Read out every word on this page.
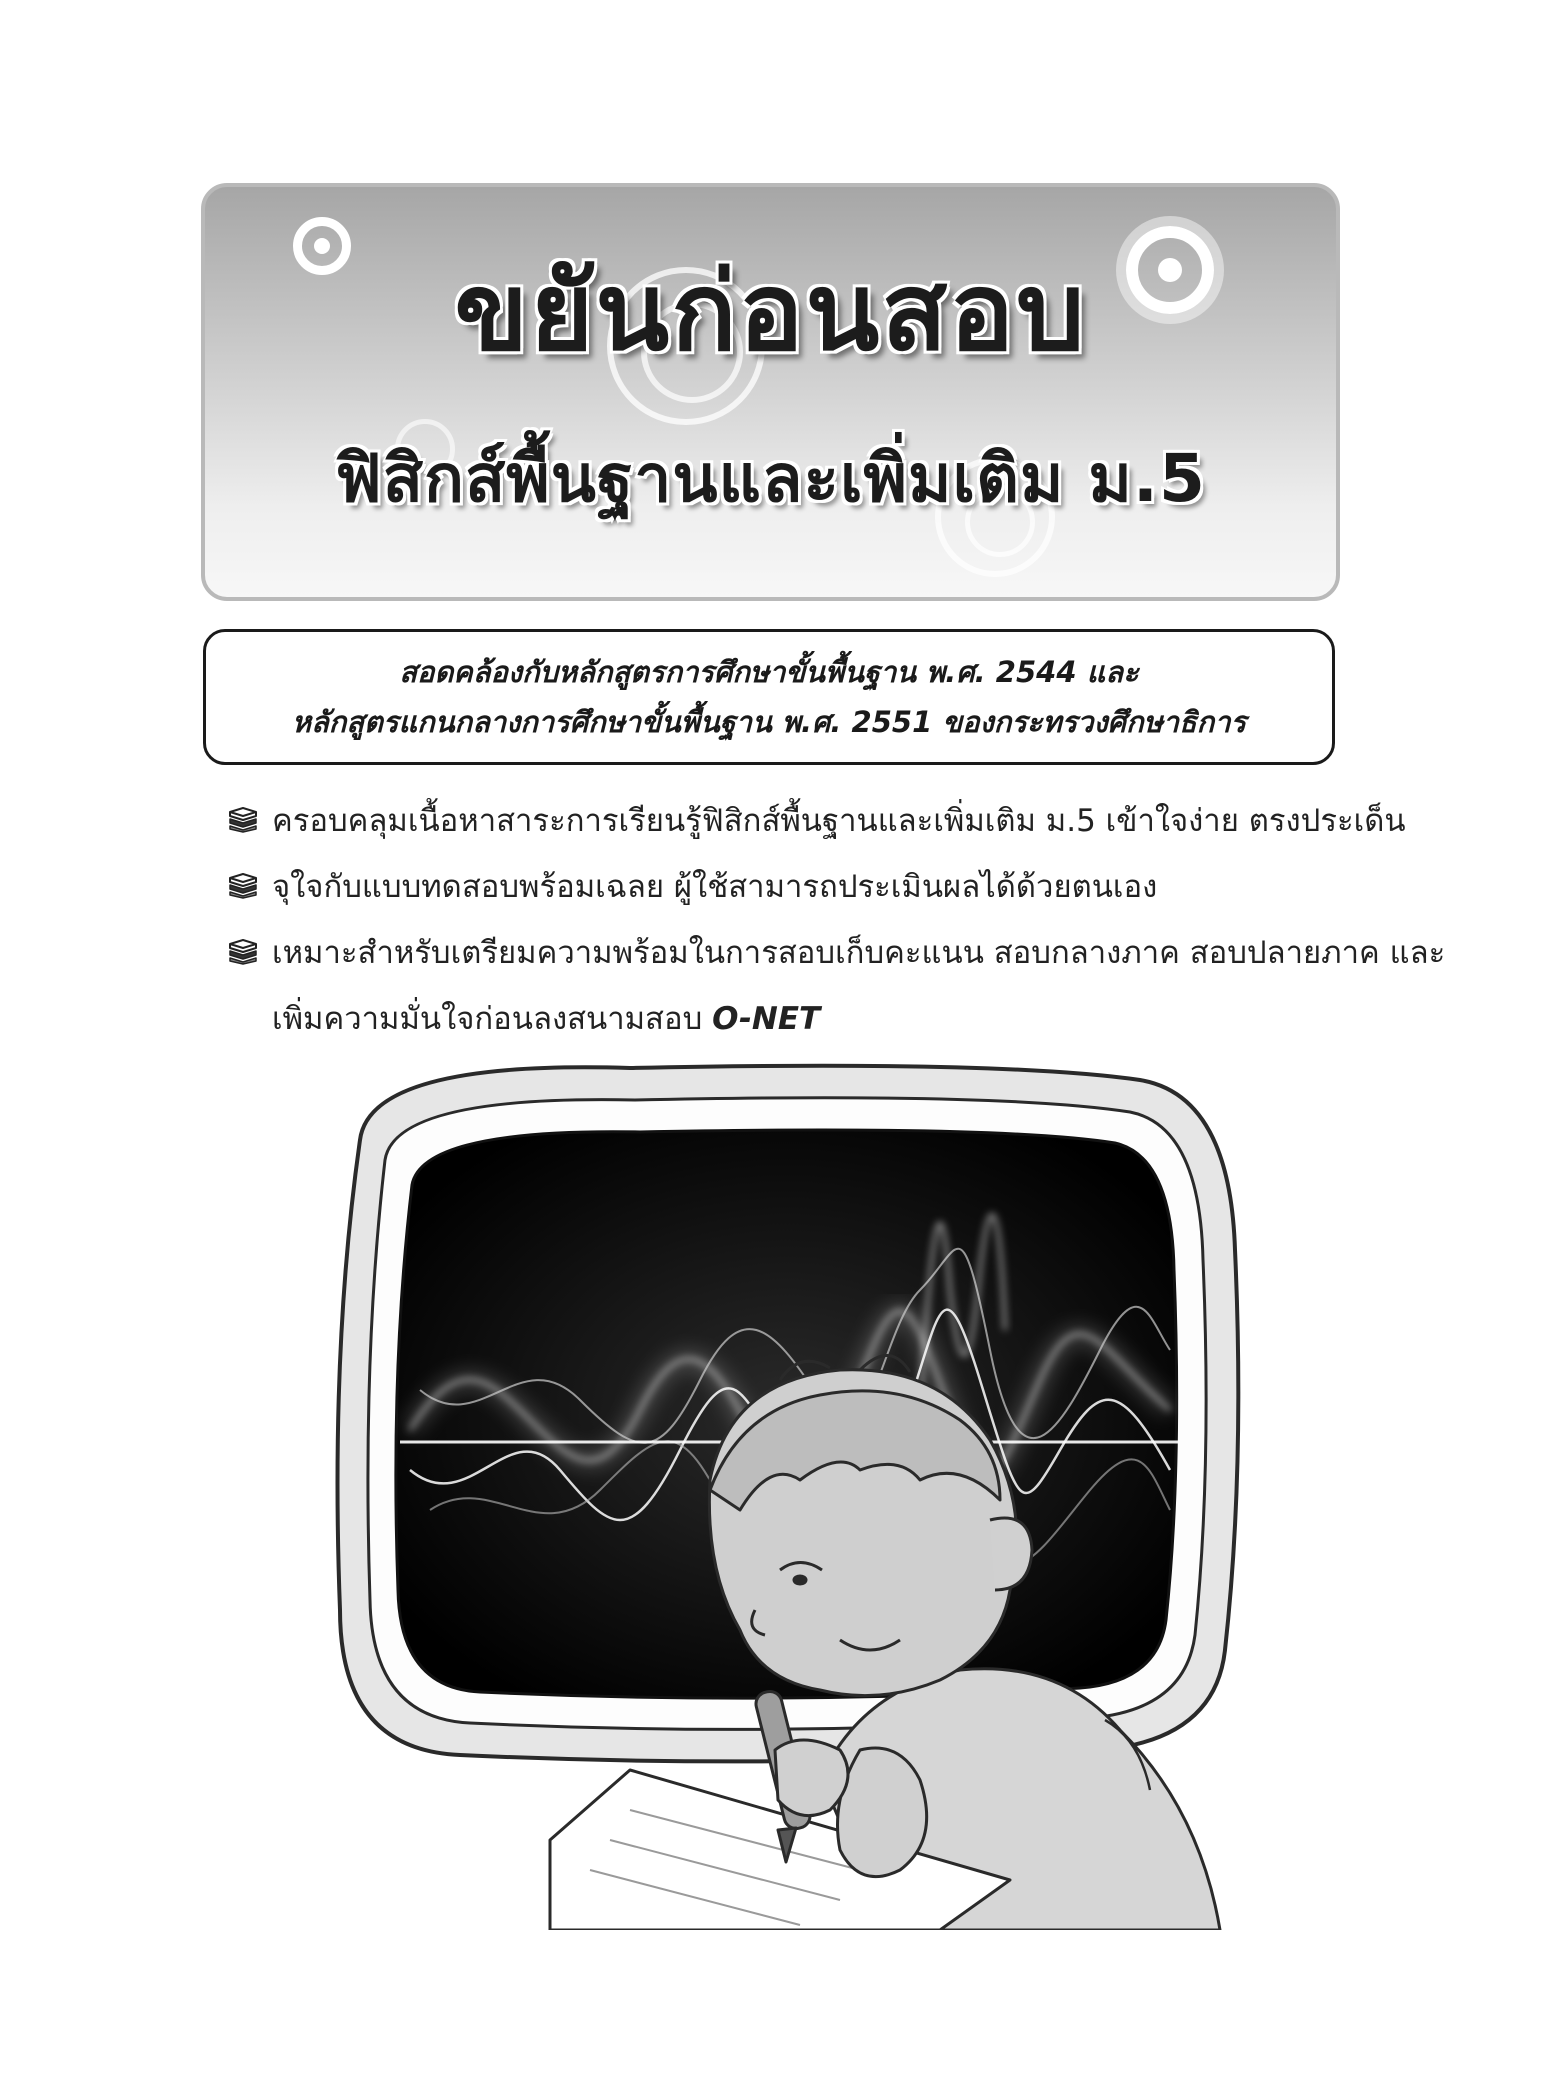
ขยันก่อนสอบ
ฟิสิกส์พื้นฐานและเพิ่มเติม ม.5
สอดคล้องกับหลักสูตรการศึกษาขั้นพื้นฐาน พ.ศ. 2544 และ
หลักสูตรแกนกลางการศึกษาขั้นพื้นฐาน พ.ศ. 2551 ของกระทรวงศึกษาธิการ
ครอบคลุมเนื้อหาสาระการเรียนรู้ฟิสิกส์พื้นฐานและเพิ่มเติม ม.5 เข้าใจง่าย ตรงประเด็น
จุใจกับแบบทดสอบพร้อมเฉลย ผู้ใช้สามารถประเมินผลได้ด้วยตนเอง
เหมาะสำหรับเตรียมความพร้อมในการสอบเก็บคะแนน สอบกลางภาค สอบปลายภาค และ
เพิ่มความมั่นใจก่อนลงสนามสอบ O-NET
